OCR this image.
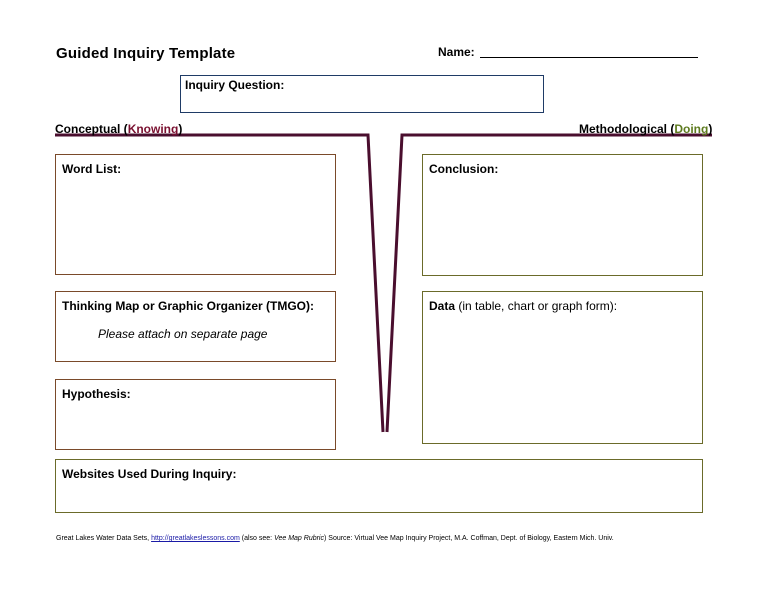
Guided Inquiry Template	Name:
Inquiry Question:
Conceptual (Knowing)	Methodological (Doing)
Word List:
Thinking Map or Graphic Organizer (TMGO):
Please attach on separate page
Hypothesis:
Conclusion:
Data (in table, chart or graph form):
Websites Used During Inquiry:
Great Lakes Water Data Sets, http://greatlakeslessons.com (also see: Vee Map Rubric) Source: Virtual Vee Map Inquiry Project, M.A. Coffman, Dept. of Biology, Eastern Mich. Univ.
